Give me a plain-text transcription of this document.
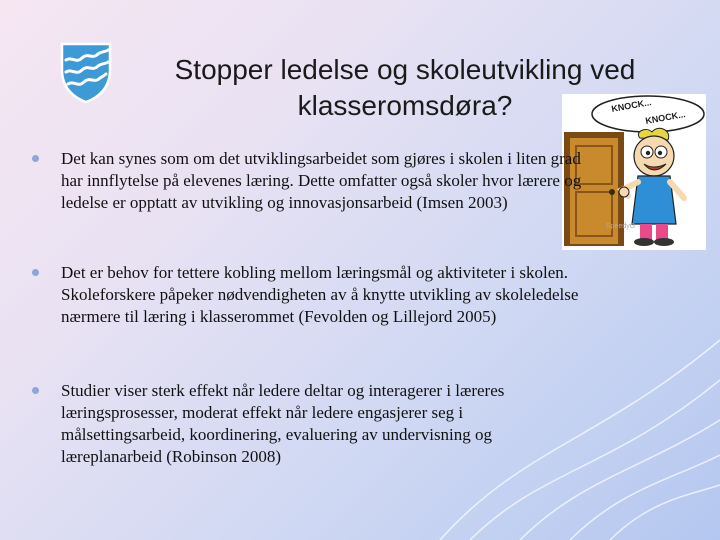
Stopper ledelse og skoleutvikling ved klasseromsdøra?	KNOCK...
KNOCK...
SpeedyG
Det kan synes som om det utviklingsarbeidet som gjøres i skolen i liten grad har innflytelse på elevenes læring. Dette omfatter også skoler hvor lærere og ledelse er opptatt av utvikling og innovasjonsarbeid (Imsen 2003)
Det er behov for tettere kobling mellom læringsmål og aktiviteter i skolen. Skoleforskere påpeker nødvendigheten av å knytte utvikling av skoleledelse nærmere til læring i klasserommet (Fevolden og Lillejord 2005)
Studier viser sterk effekt når ledere deltar og interagerer i læreres læringsprosesser, moderat effekt når ledere engasjerer seg i målsettingsarbeid, koordinering, evaluering av undervisning og læreplanarbeid (Robinson 2008)
